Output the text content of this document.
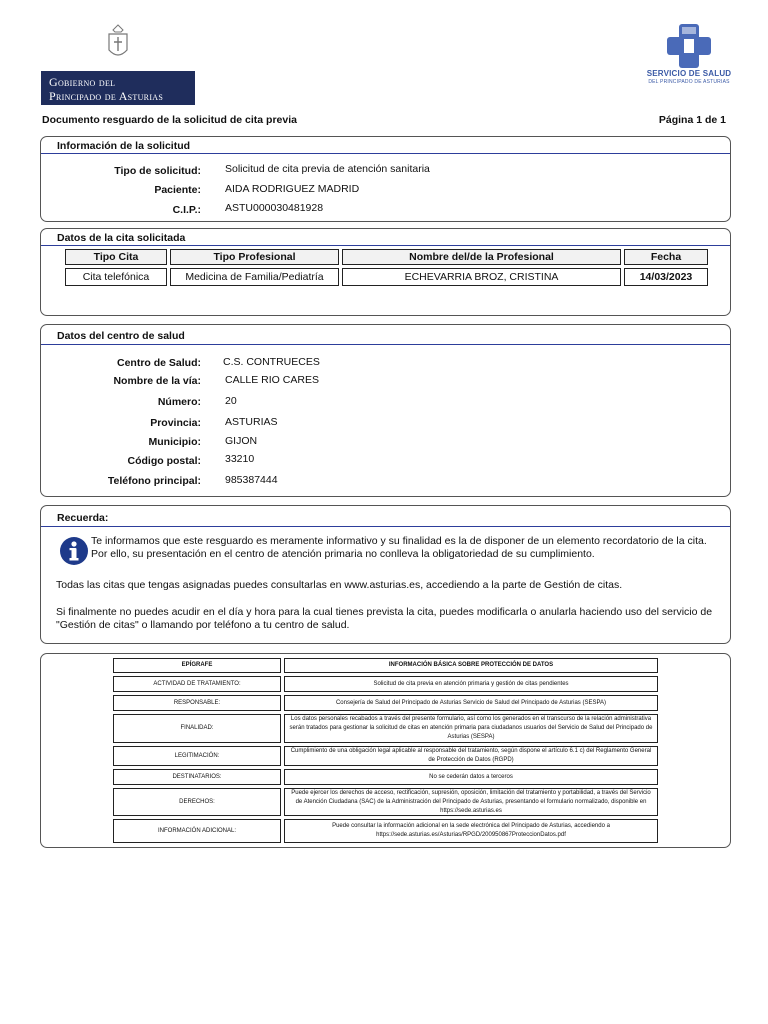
Gobierno del
Principado de Asturias
SERVICIO DE SALUD
DEL PRINCIPADO DE ASTURIAS
Documento resguardo de la solicitud de cita previa	Página 1 de 1
Información de la solicitud
Tipo de solicitud: Solicitud de cita previa de atención sanitaria
Paciente: AIDA RODRIGUEZ MADRID
C.I.P.: ASTU000030481928
Datos de la cita solicitada
Tipo Cita	Tipo Profesional	Nombre del/de la Profesional	Fecha
Cita telefónica	Medicina de Familia/Pediatría	ECHEVARRIA BROZ, CRISTINA	14/03/2023
Datos del centro de salud
Centro de Salud: C.S. CONTRUECES
Nombre de la vía: CALLE RIO CARES
Número: 20
Provincia: ASTURIAS
Municipio: GIJON
Código postal: 33210
Teléfono principal: 985387444
Recuerda:
Te informamos que este resguardo es meramente informativo y su finalidad es la de disponer de un elemento recordatorio de la cita.
Por ello, su presentación en el centro de atención primaria no conlleva la obligatoriedad de su cumplimiento.
Todas las citas que tengas asignadas puedes consultarlas en www.asturias.es, accediendo a la parte de Gestión de citas.
Si finalmente no puedes acudir en el día y hora para la cual tienes prevista la cita, puedes modificarla o anularla haciendo uso del servicio de
"Gestión de citas" o llamando por teléfono a tu centro de salud.
EPÍGRAFE	INFORMACIÓN BÁSICA SOBRE PROTECCIÓN DE DATOS
ACTIVIDAD DE TRATAMIENTO:	Solicitud de cita previa en atención primaria y gestión de citas pendientes
RESPONSABLE:	Consejería de Salud del Principado de Asturias Servicio de Salud del Principado de Asturias (SESPA)
FINALIDAD:
Los datos personales recabados a través del presente formulario, así como los generados en el transcurso de la relación administrativa serán tratados para gestionar la solicitud de citas en atención primaria para ciudadanos usuarios del Servicio de Salud del Principado de Asturias (SESPA)
LEGITIMACIÓN:
Cumplimiento de una obligación legal aplicable al responsable del tratamiento, según dispone el artículo 6.1 c) del Reglamento General de Protección de Datos (RGPD)
DESTINATARIOS:	No se cederán datos a terceros
DERECHOS:
Puede ejercer los derechos de acceso, rectificación, supresión, oposición, limitación del tratamiento y portabilidad, a través del Servicio de Atención Ciudadana (SAC) de la Administración del Principado de Asturias, presentando el formulario normalizado, disponible en https://sede.asturias.es
INFORMACIÓN ADICIONAL:
Puede consultar la información adicional en la sede electrónica del Principado de Asturias, accediendo a https://sede.asturias.es/Asturias/RPGD/200950867ProteccionDatos.pdf
